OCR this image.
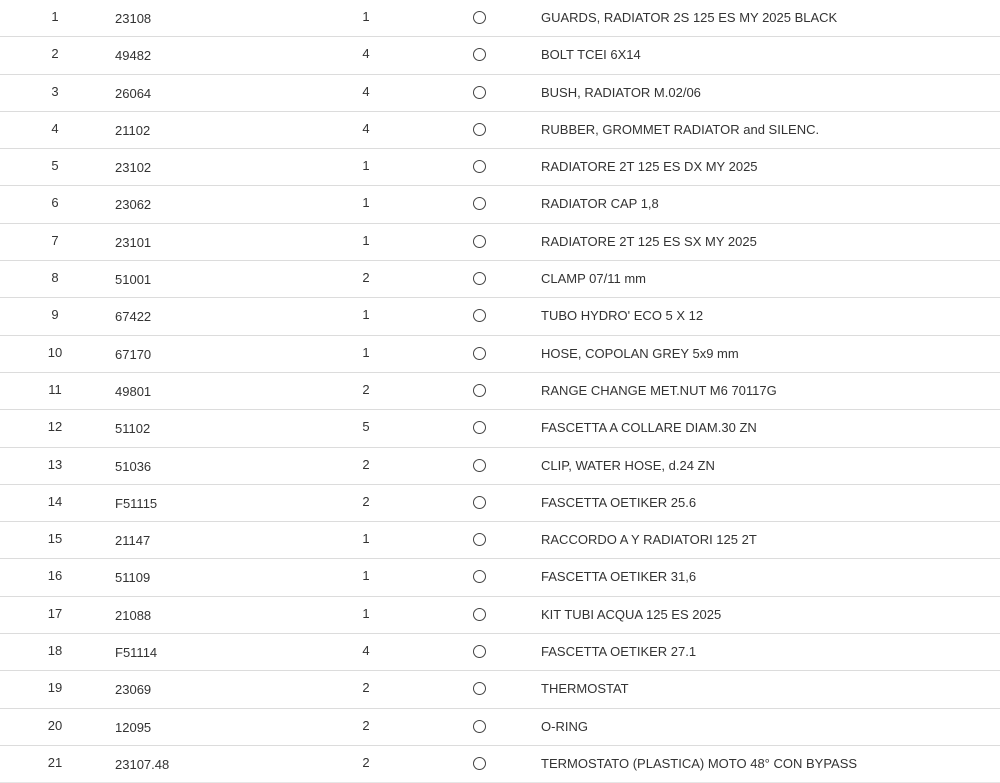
1	23108	1	GUARDS, RADIATOR 2S 125 ES MY 2025 BLACK
2	49482	4	BOLT TCEI 6X14
3	26064	4	BUSH, RADIATOR M.02/06
4	21102	4	RUBBER, GROMMET RADIATOR and SILENC.
5	23102	1	RADIATORE 2T 125 ES DX MY 2025
6	23062	1	RADIATOR CAP 1,8
7	23101	1	RADIATORE 2T 125 ES SX MY 2025
8	51001	2	CLAMP 07/11 mm
9	67422	1	TUBO HYDRO' ECO 5 X 12
10	67170	1	HOSE, COPOLAN GREY 5x9 mm
11	49801	2	RANGE CHANGE MET.NUT M6 70117G
12	51102	5	FASCETTA A COLLARE DIAM.30 ZN
13	51036	2	CLIP, WATER HOSE, d.24 ZN
14	F51115	2	FASCETTA OETIKER 25.6
15	21147	1	RACCORDO A Y RADIATORI 125 2T
16	51109	1	FASCETTA OETIKER 31,6
17	21088	1	KIT TUBI ACQUA 125 ES 2025
18	F51114	4	FASCETTA OETIKER 27.1
19	23069	2	THERMOSTAT
20	12095	2	O-RING
21	23107.48	2	TERMOSTATO (PLASTICA) MOTO 48° CON BYPASS
